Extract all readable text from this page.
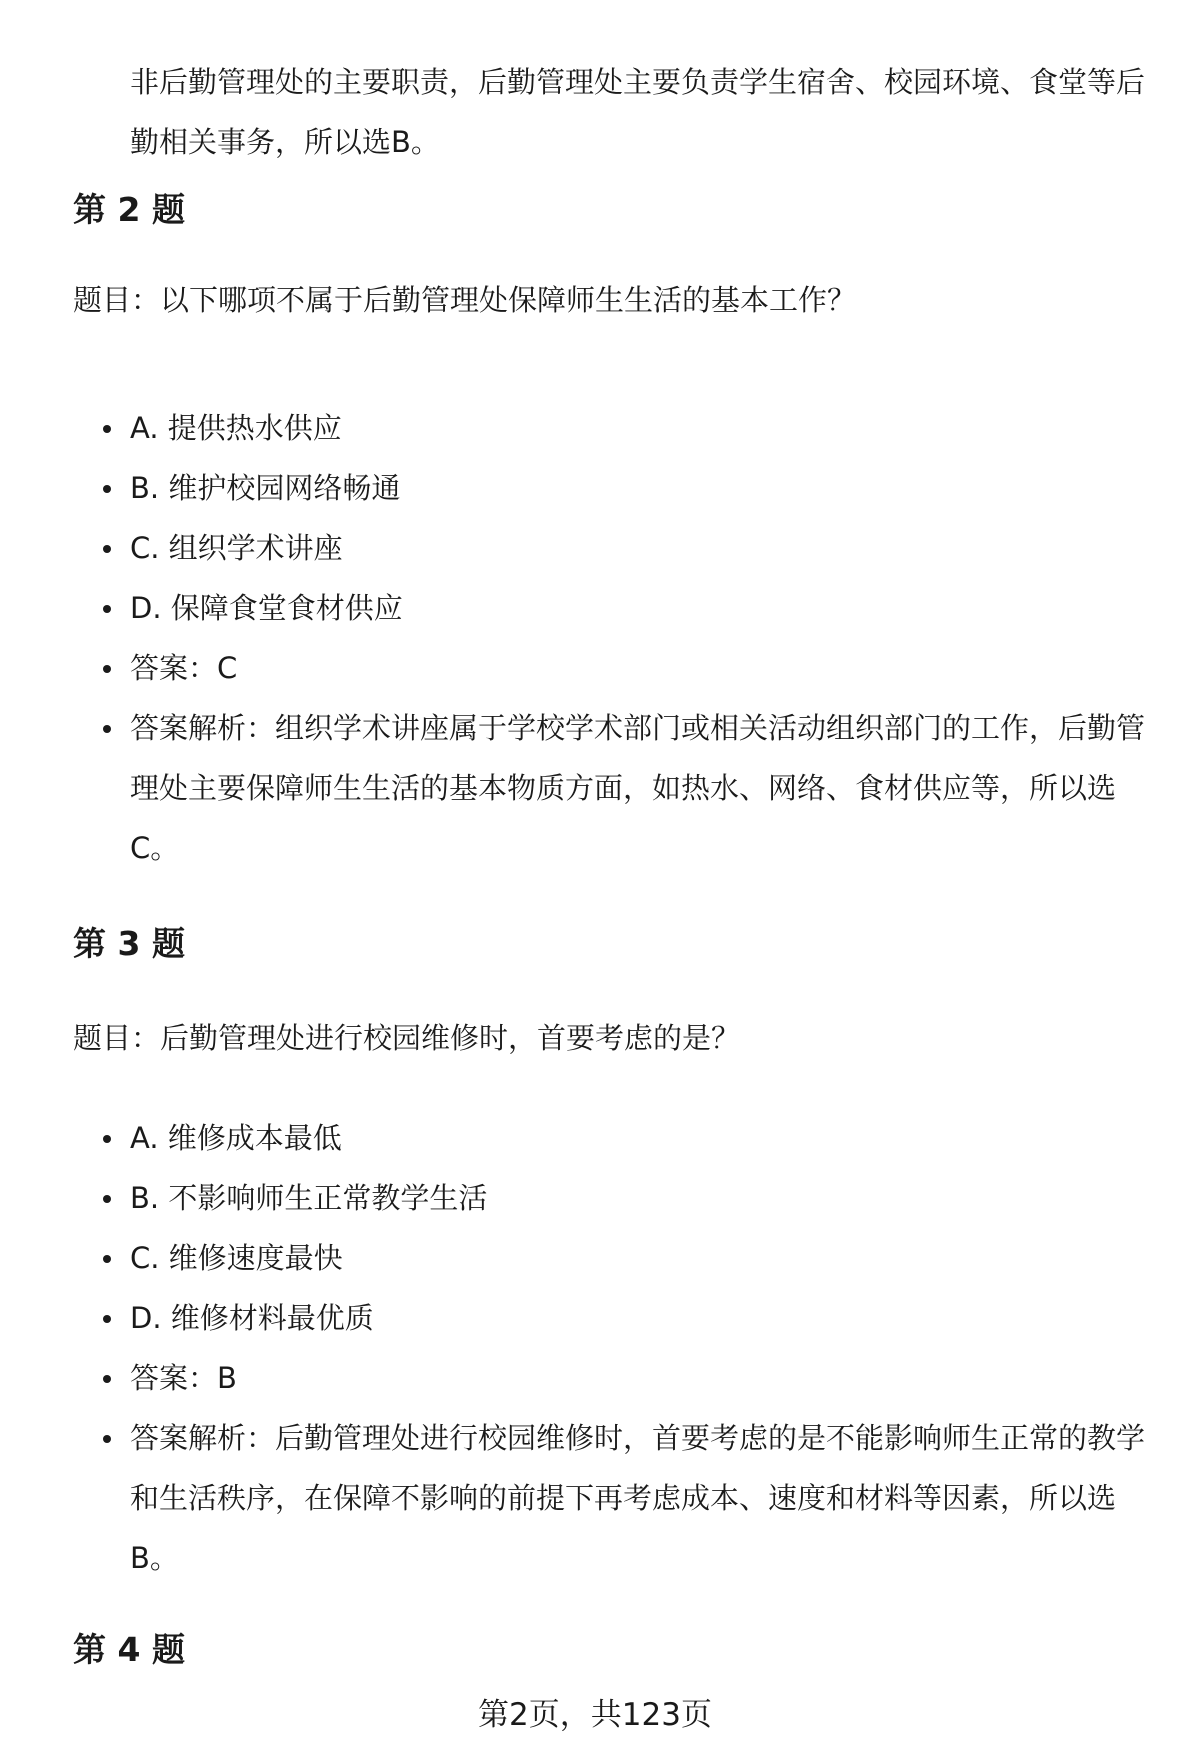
非后勤管理处的主要职责，后勤管理处主要负责学生宿舍、校园环境、食堂等后勤相关事务，所以选B。
第 2 题
题目：以下哪项不属于后勤管理处保障师生生活的基本工作？
A. 提供热水供应
B. 维护校园网络畅通
C. 组织学术讲座
D. 保障食堂食材供应
答案：C
答案解析：组织学术讲座属于学校学术部门或相关活动组织部门的工作，后勤管理处主要保障师生生活的基本物质方面，如热水、网络、食材供应等，所以选C。
第 3 题
题目：后勤管理处进行校园维修时，首要考虑的是？
A. 维修成本最低
B. 不影响师生正常教学生活
C. 维修速度最快
D. 维修材料最优质
答案：B
答案解析：后勤管理处进行校园维修时，首要考虑的是不能影响师生正常的教学和生活秩序，在保障不影响的前提下再考虑成本、速度和材料等因素，所以选B。
第 4 题
第2页，共123页
